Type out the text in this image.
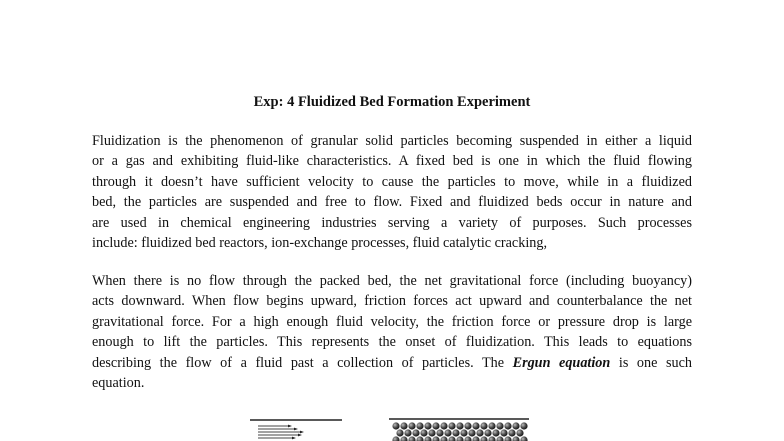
Exp: 4 Fluidized Bed Formation Experiment

Fluidization is the phenomenon of granular solid particles becoming suspended in either a liquid
or a gas and exhibiting fluid-like characteristics. A fixed bed is one in which the fluid flowing
through it doesn’t have sufficient velocity to cause the particles to move, while in a fluidized
bed, the particles are suspended and free to flow. Fixed and fluidized beds occur in nature and
are used in chemical engineering industries serving a variety of purposes. Such processes
include: fluidized bed reactors, ion-exchange processes, fluid catalytic cracking,

When there is no flow through the packed bed, the net gravitational force (including buoyancy)
acts downward. When flow begins upward, friction forces act upward and counterbalance the net
gravitational force. For a high enough fluid velocity, the friction force or pressure drop is large
enough to lift the particles. This represents the onset of fluidization. This leads to equations
describing the flow of a fluid past a collection of particles. The Ergun equation is one such
equation.
